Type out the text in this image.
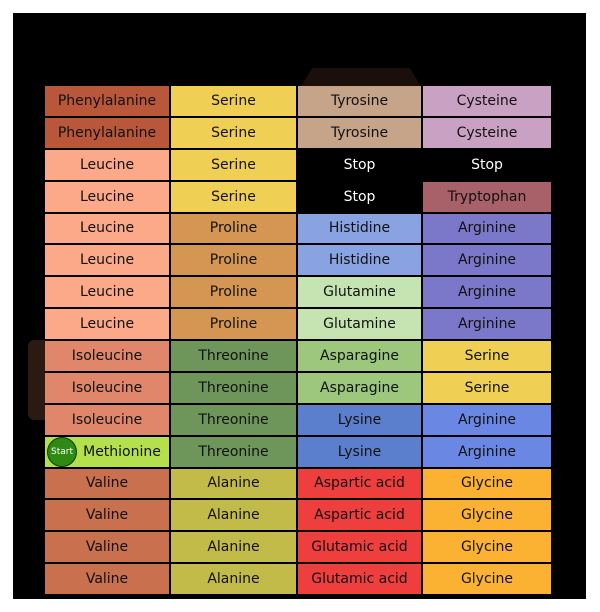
Phenylalanine	Serine	Tyrosine	Cysteine
Phenylalanine	Serine	Tyrosine	Cysteine
Leucine	Serine	Stop	Stop
Leucine	Serine	Stop	Tryptophan
Leucine	Proline	Histidine	Arginine
Leucine	Proline	Histidine	Arginine
Leucine	Proline	Glutamine	Arginine
Leucine	Proline	Glutamine	Arginine
Isoleucine	Threonine	Asparagine	Serine
Isoleucine	Threonine	Asparagine	Serine
Isoleucine	Threonine	Lysine	Arginine
Start Methionine	Threonine	Lysine	Arginine
Valine	Alanine	Aspartic acid	Glycine
Valine	Alanine	Aspartic acid	Glycine
Valine	Alanine	Glutamic acid	Glycine
Valine	Alanine	Glutamic acid	Glycine
